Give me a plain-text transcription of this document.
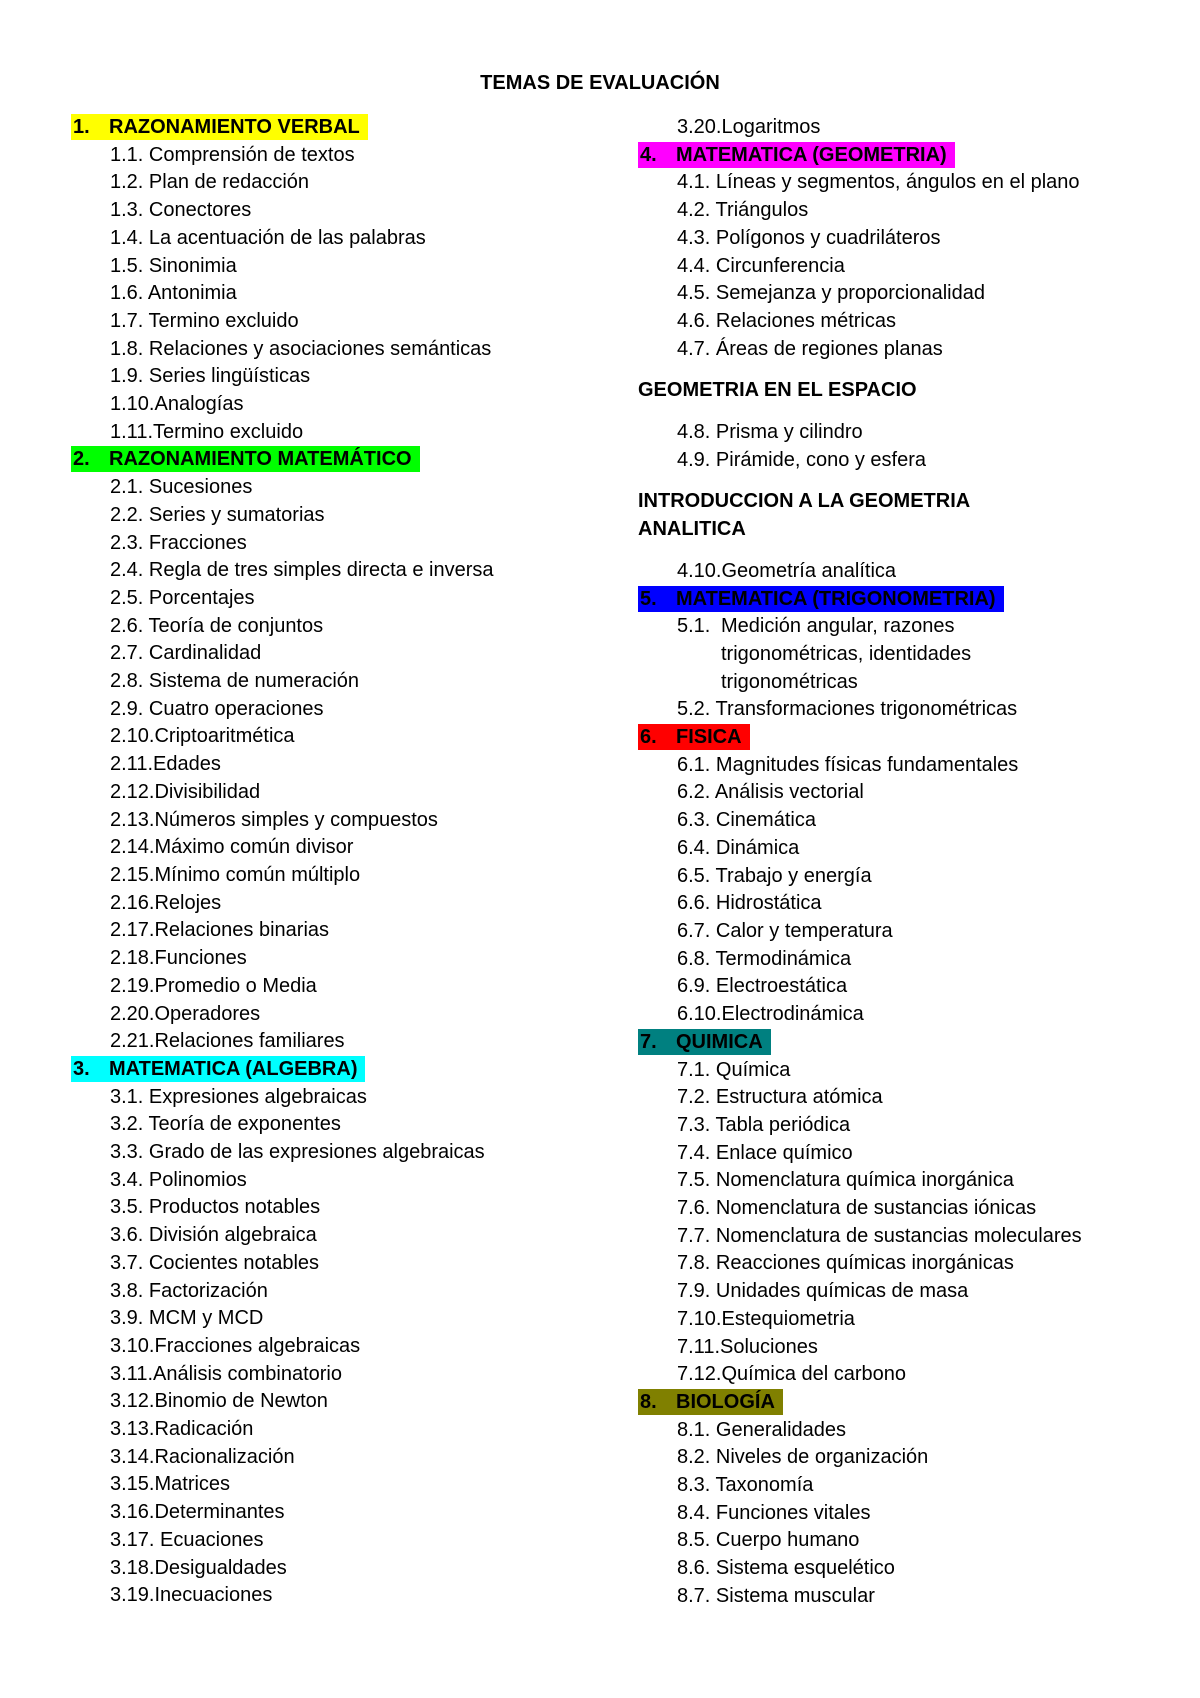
TEMAS DE EVALUACIÓN
1. RAZONAMIENTO VERBAL
1.1. Comprensión de textos
1.2. Plan de redacción
1.3. Conectores
1.4. La acentuación de las palabras
1.5. Sinonimia
1.6. Antonimia
1.7. Termino excluido
1.8. Relaciones y asociaciones semánticas
1.9. Series lingüísticas
1.10.Analogías
1.11.Termino excluido
2. RAZONAMIENTO MATEMÁTICO
2.1. Sucesiones
2.2. Series y sumatorias
2.3. Fracciones
2.4. Regla de tres simples directa e inversa
2.5. Porcentajes
2.6. Teoría de conjuntos
2.7. Cardinalidad
2.8. Sistema de numeración
2.9. Cuatro operaciones
2.10.Criptoaritmética
2.11.Edades
2.12.Divisibilidad
2.13.Números simples y compuestos
2.14.Máximo común divisor
2.15.Mínimo común múltiplo
2.16.Relojes
2.17.Relaciones binarias
2.18.Funciones
2.19.Promedio o Media
2.20.Operadores
2.21.Relaciones familiares
3. MATEMATICA (ALGEBRA)
3.1. Expresiones algebraicas
3.2. Teoría de exponentes
3.3. Grado de las expresiones algebraicas
3.4. Polinomios
3.5. Productos notables
3.6. División algebraica
3.7. Cocientes notables
3.8. Factorización
3.9. MCM y MCD
3.10.Fracciones algebraicas
3.11.Análisis combinatorio
3.12.Binomio de Newton
3.13.Radicación
3.14.Racionalización
3.15.Matrices
3.16.Determinantes
3.17. Ecuaciones
3.18.Desigualdades
3.19.Inecuaciones
3.20.Logaritmos
4. MATEMATICA (GEOMETRIA)
4.1. Líneas y segmentos, ángulos en el plano
4.2. Triángulos
4.3. Polígonos y cuadriláteros
4.4. Circunferencia
4.5. Semejanza y proporcionalidad
4.6. Relaciones métricas
4.7. Áreas de regiones planas
GEOMETRIA EN EL ESPACIO
4.8. Prisma y cilindro
4.9. Pirámide, cono y esfera
INTRODUCCION A LA GEOMETRIA
ANALITICA
4.10.Geometría analítica
5. MATEMATICA (TRIGONOMETRIA)
5.1. Medición angular, razones
trigonométricas, identidades
trigonométricas
5.2. Transformaciones trigonométricas
6. FISICA
6.1. Magnitudes físicas fundamentales
6.2. Análisis vectorial
6.3. Cinemática
6.4. Dinámica
6.5. Trabajo y energía
6.6. Hidrostática
6.7. Calor y temperatura
6.8. Termodinámica
6.9. Electroestática
6.10.Electrodinámica
7. QUIMICA
7.1. Química
7.2. Estructura atómica
7.3. Tabla periódica
7.4. Enlace químico
7.5. Nomenclatura química inorgánica
7.6. Nomenclatura de sustancias iónicas
7.7. Nomenclatura de sustancias moleculares
7.8. Reacciones químicas inorgánicas
7.9. Unidades químicas de masa
7.10.Estequiometria
7.11.Soluciones
7.12.Química del carbono
8. BIOLOGÍA
8.1. Generalidades
8.2. Niveles de organización
8.3. Taxonomía
8.4. Funciones vitales
8.5. Cuerpo humano
8.6. Sistema esquelético
8.7. Sistema muscular
